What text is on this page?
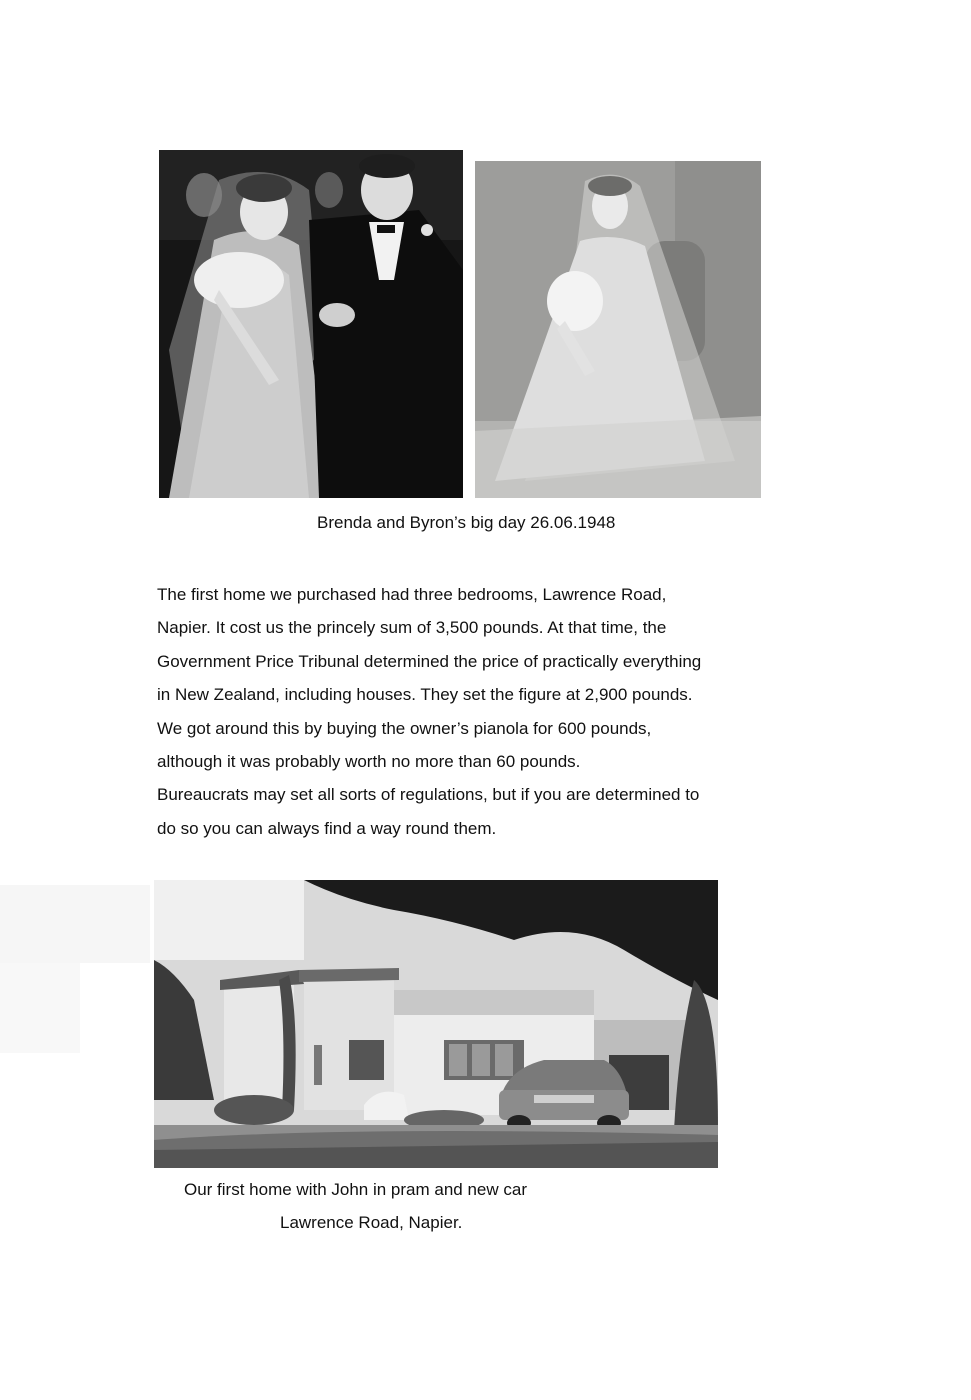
Brenda and Byron’s big day 26.06.1948
The first home we purchased had three bedrooms, Lawrence Road,
Napier. It cost us the princely sum of 3,500 pounds. At that time, the
Government Price Tribunal determined the price of practically everything
in New Zealand, including houses. They set the figure at 2,900 pounds.
We got around this by buying the owner’s pianola for 600 pounds,
although it was probably worth no more than 60 pounds.
Bureaucrats may set all sorts of regulations, but if you are determined to
do so you can always find a way round them.
Our first home with John in pram and new car
Lawrence Road, Napier.
